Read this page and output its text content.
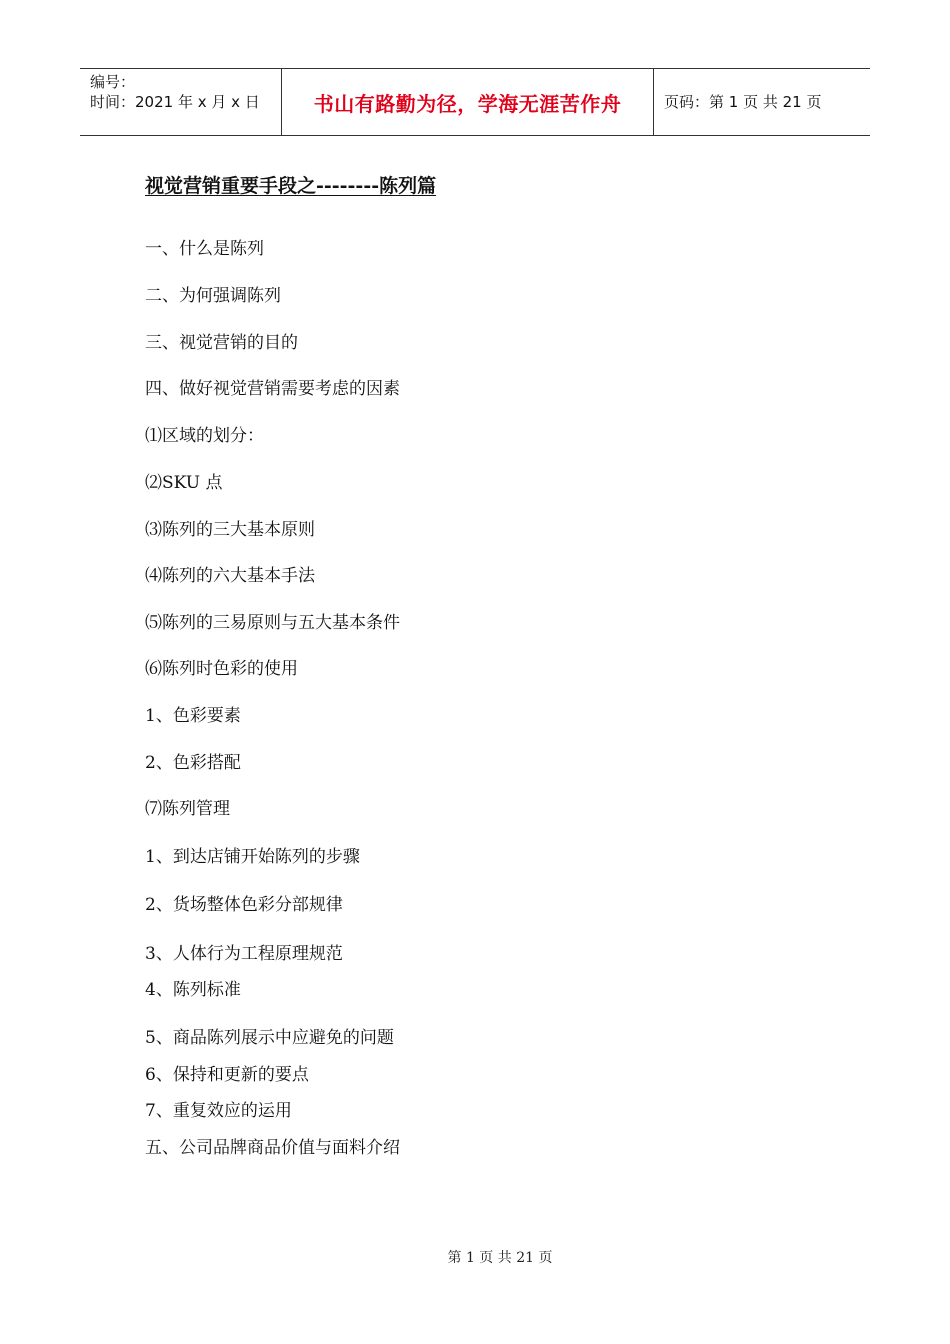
编号：
时间：2021 年 x 月 x 日	书山有路勤为径，学海无涯苦作舟	页码：第 1 页 共 21 页
视觉营销重要手段之--------陈列篇
一、什么是陈列
二、为何强调陈列
三、视觉营销的目的
四、做好视觉营销需要考虑的因素
⑴区域的划分：
⑵SKU 点
⑶陈列的三大基本原则
⑷陈列的六大基本手法
⑸陈列的三易原则与五大基本条件
⑹陈列时色彩的使用
1、色彩要素
2、色彩搭配
⑺陈列管理
1、到达店铺开始陈列的步骤
2、货场整体色彩分部规律
3、人体行为工程原理规范
4、陈列标准
5、商品陈列展示中应避免的问题
6、保持和更新的要点
7、重复效应的运用
五、公司品牌商品价值与面料介绍
第 1 页 共 21 页
